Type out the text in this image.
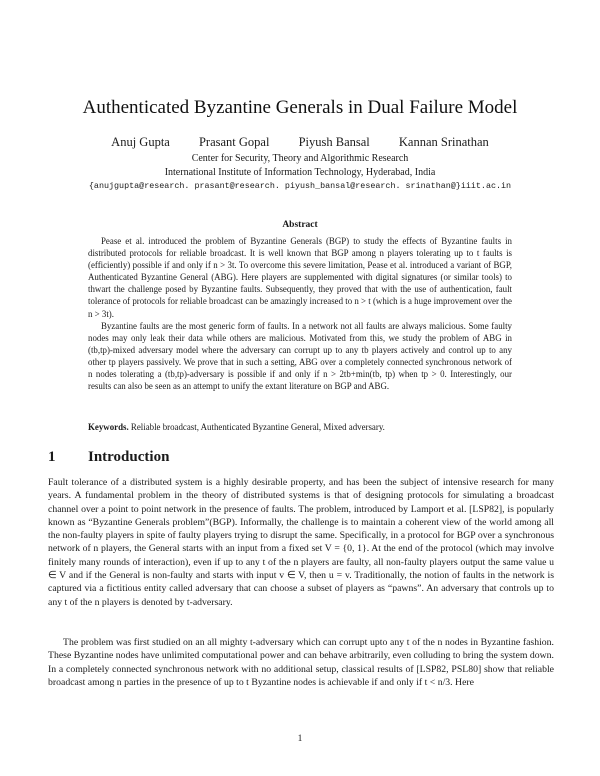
Authenticated Byzantine Generals in Dual Failure Model
Anuj Gupta Prasant Gopal Piyush Bansal Kannan Srinathan
Center for Security, Theory and Algorithmic Research
International Institute of Information Technology, Hyderabad, India
{anujgupta@research. prasant@research. piyush_bansal@research. srinathan@}iiit.ac.in
Abstract

Pease et al. introduced the problem of Byzantine Generals (BGP) to study the effects of Byzantine faults in distributed protocols for reliable broadcast. It is well known that BGP among n players tolerating up to t faults is (efficiently) possible if and only if n > 3t. To overcome this severe limitation, Pease et al. introduced a variant of BGP, Authenticated Byzantine General (ABG). Here players are supplemented with digital signatures (or similar tools) to thwart the challenge posed by Byzantine faults. Subsequently, they proved that with the use of authentication, fault tolerance of protocols for reliable broadcast can be amazingly increased to n > t (which is a huge improvement over the n > 3t).

Byzantine faults are the most generic form of faults. In a network not all faults are always malicious. Some faulty nodes may only leak their data while others are malicious. Motivated from this, we study the problem of ABG in (tb,tp)-mixed adversary model where the adversary can corrupt up to any tb players actively and control up to any other tp players passively. We prove that in such a setting, ABG over a completely connected synchronous network of n nodes tolerating a (tb,tp)-adversary is possible if and only if n > 2tb+min(tb, tp) when tp > 0. Interestingly, our results can also be seen as an attempt to unify the extant literature on BGP and ABG.

Keywords. Reliable broadcast, Authenticated Byzantine General, Mixed adversary.
1 Introduction

Fault tolerance of a distributed system is a highly desirable property, and has been the subject of intensive research for many years. A fundamental problem in the theory of distributed systems is that of designing protocols for simulating a broadcast channel over a point to point network in the presence of faults. The problem, introduced by Lamport et al. [LSP82], is popularly known as “Byzantine Generals problem”(BGP). Informally, the challenge is to maintain a coherent view of the world among all the non-faulty players in spite of faulty players trying to disrupt the same. Specifically, in a protocol for BGP over a synchronous network of n players, the General starts with an input from a fixed set V = {0, 1}. At the end of the protocol (which may involve finitely many rounds of interaction), even if up to any t of the n players are faulty, all non-faulty players output the same value u ∈ V and if the General is non-faulty and starts with input v ∈ V, then u = v. Traditionally, the notion of faults in the network is captured via a fictitious entity called adversary that can choose a subset of players as “pawns”. An adversary that controls up to any t of the n players is denoted by t-adversary.

The problem was first studied on an all mighty t-adversary which can corrupt upto any t of the n nodes in Byzantine fashion. These Byzantine nodes have unlimited computational power and can behave arbitrarily, even colluding to bring the system down. In a completely connected synchronous network with no additional setup, classical results of [LSP82, PSL80] show that reliable broadcast among n parties in the presence of up to t Byzantine nodes is achievable if and only if t < n/3. Here

1
